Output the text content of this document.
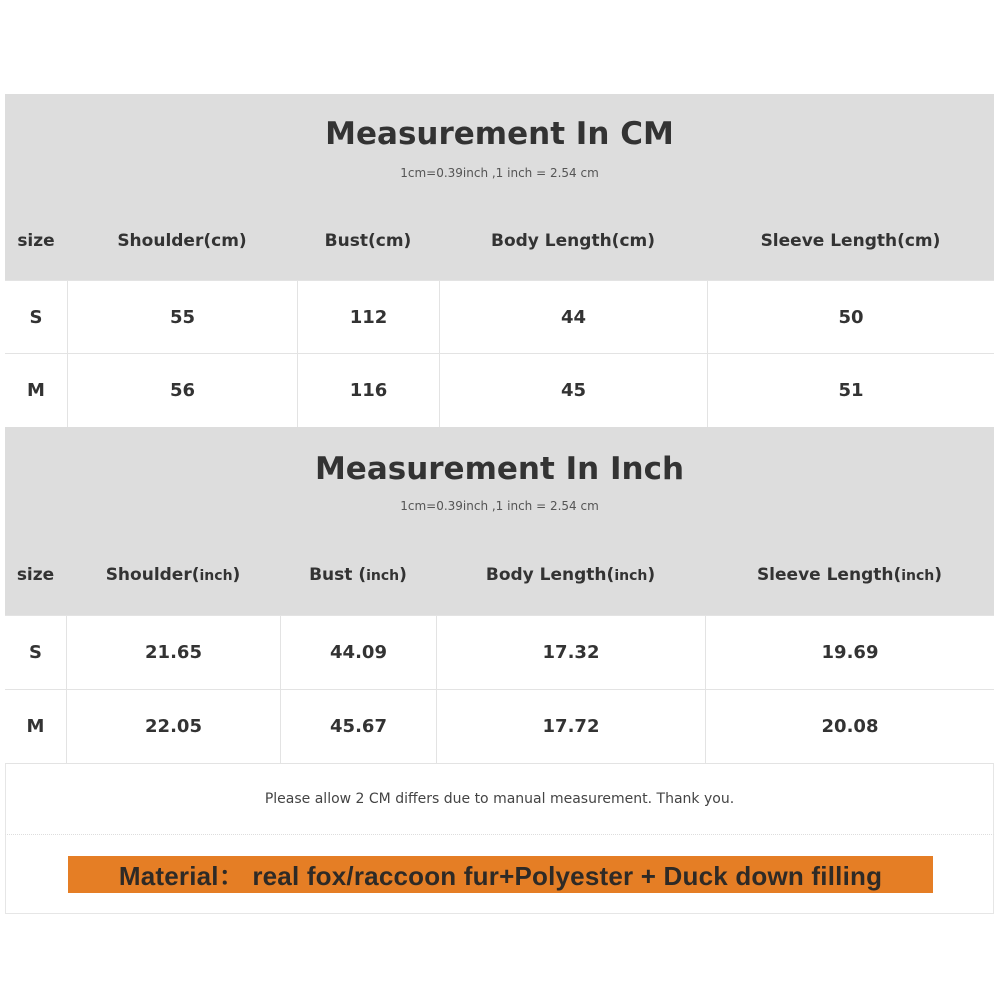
Measurement In CM
1cm=0.39inch ,1 inch = 2.54 cm
size	Shoulder(cm)	Bust(cm)	Body Length(cm)	Sleeve Length(cm)
S	55	112	44	50
M	56	116	45	51
Measurement In Inch
1cm=0.39inch ,1 inch = 2.54 cm
size	Shoulder(inch)	Bust (inch)	Body Length(inch)	Sleeve Length(inch)
S	21.65	44.09	17.32	19.69
M	22.05	45.67	17.72	20.08
Please allow 2 CM differs due to manual measurement. Thank you.
Material： real fox/raccoon fur+Polyester + Duck down filling
